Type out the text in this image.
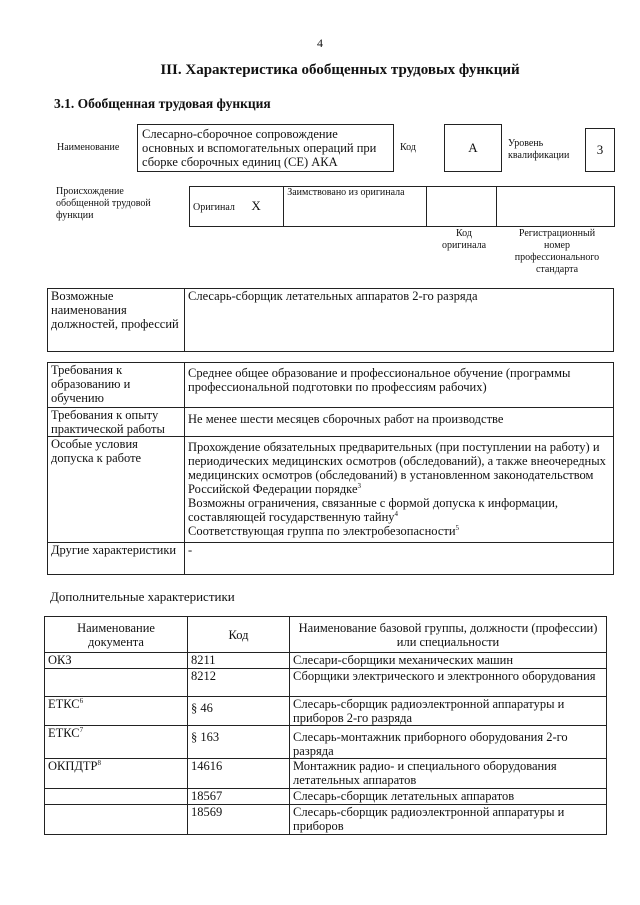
4
III. Характеристика обобщенных трудовых функций
3.1. Обобщенная трудовая функция
Наименование
Слесарно-сборочное сопровождение основных и вспомогательных операций при сборке сборочных единиц (СЕ) АКА
Код	А	Уровень квалификации	3
Происхождение обобщенной трудовой функции
Оригинал Х	Заимствовано из оригинала		
Код оригинала
Регистрационный номер профессионального стандарта
Возможные наименования должностей, профессий	Слесарь-сборщик летательных аппаратов 2-го разряда
Требования к образованию и обучению	Среднее общее образование и профессиональное обучение (программы профессиональной подготовки по профессиям рабочих)
Требования к опыту практической работы	Не менее шести месяцев сборочных работ на производстве
Особые условия допуска к работе	Прохождение обязательных предварительных (при поступлении на работу) и периодических медицинских осмотров (обследований), а также внеочередных медицинских осмотров (обследований) в установленном законодательством Российской Федерации порядке$^3$
Возможны ограничения, связанные с формой допуска к информации, составляющей государственную тайну$^4$
Соответствующая группа по электробезопасности$^5$

Другие характеристики	-
Дополнительные характеристики
Наименование документа	Код	Наименование базовой группы, должности (профессии) или специальности
ОКЗ	8211	Слесари-сборщики механических машин
	8212	Сборщики электрического и электронного оборудования
ЕТКС$^6$	§ 46	Слесарь-сборщик радиоэлектронной аппаратуры и приборов 2-го разряда
ЕТКС$^7$	§ 163	Слесарь-монтажник приборного оборудования 2-го разряда
ОКПДТР$^8$	14616	Монтажник радио- и специального оборудования летательных аппаратов
	18567	Слесарь-сборщик летательных аппаратов
	18569	Слесарь-сборщик радиоэлектронной аппаратуры и приборов
